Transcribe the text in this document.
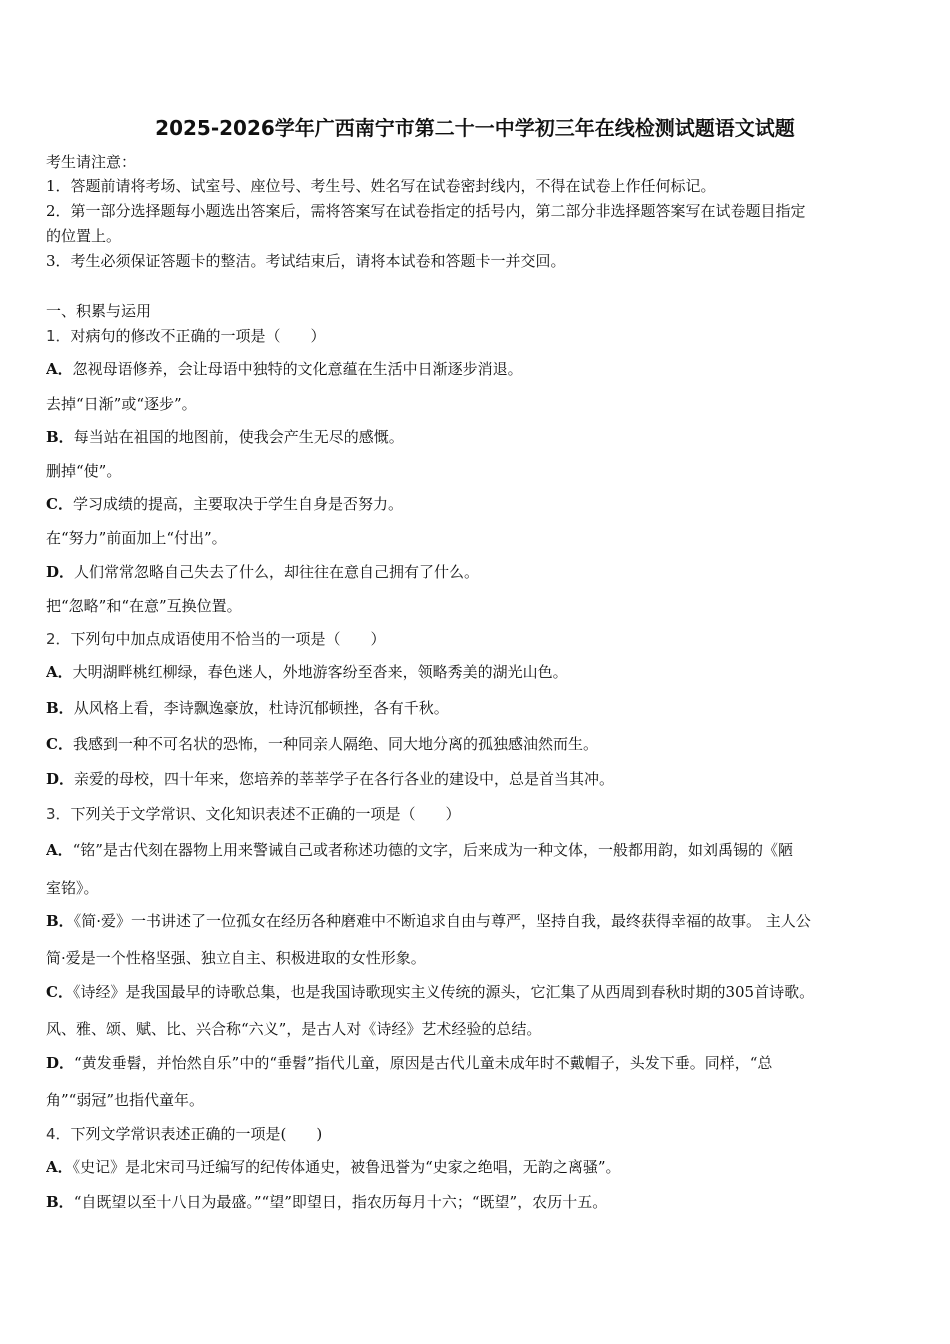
2025-2026学年广西南宁市第二十一中学初三年在线检测试题语文试题
考生请注意：
1．答题前请将考场、试室号、座位号、考生号、姓名写在试卷密封线内，不得在试卷上作任何标记。
2．第一部分选择题每小题选出答案后，需将答案写在试卷指定的括号内，第二部分非选择题答案写在试卷题目指定
的位置上。
3．考生必须保证答题卡的整洁。考试结束后，请将本试卷和答题卡一并交回。
一、积累与运用
1．对病句的修改不正确的一项是（　　）
A．忽视母语修养，会让母语中独特的文化意蕴在生活中日渐逐步消退。
去掉“日渐”或“逐步”。
B．每当站在祖国的地图前，使我会产生无尽的感慨。
删掉“使”。
C．学习成绩的提高，主要取决于学生自身是否努力。
在“努力”前面加上“付出”。
D．人们常常忽略自己失去了什么，却往往在意自己拥有了什么。
把“忽略”和“在意”互换位置。
2．下列句中加点成语使用不恰当的一项是（　　）
A．大明湖畔桃红柳绿，春色迷人，外地游客纷至沓来，领略秀美的湖光山色。
B．从风格上看，李诗飘逸豪放，杜诗沉郁顿挫，各有千秋。
C．我感到一种不可名状的恐怖，一种同亲人隔绝、同大地分离的孤独感油然而生。
D．亲爱的母校，四十年来，您培养的莘莘学子在各行各业的建设中，总是首当其冲。
3．下列关于文学常识、文化知识表述不正确的一项是（　　）
A．“铭”是古代刻在器物上用来警诫自己或者称述功德的文字，后来成为一种文体，一般都用韵，如刘禹锡的《陋
室铭》。
B．《简·爱》一书讲述了一位孤女在经历各种磨难中不断追求自由与尊严，坚持自我，最终获得幸福的故事。 主人公
简·爱是一个性格坚强、独立自主、积极进取的女性形象。
C．《诗经》是我国最早的诗歌总集，也是我国诗歌现实主义传统的源头，它汇集了从西周到春秋时期的305首诗歌。
风、雅、颂、赋、比、兴合称“六义”，是古人对《诗经》艺术经验的总结。
D．“黄发垂髫，并怡然自乐”中的“垂髫”指代儿童，原因是古代儿童未成年时不戴帽子，头发下垂。同样，“总
角”“弱冠”也指代童年。
4．下列文学常识表述正确的一项是(　　)
A．《史记》是北宋司马迁编写的纪传体通史，被鲁迅誉为“史家之绝唱，无韵之离骚”。
B．“自既望以至十八日为最盛。”“望”即望日，指农历每月十六；“既望”，农历十五。
